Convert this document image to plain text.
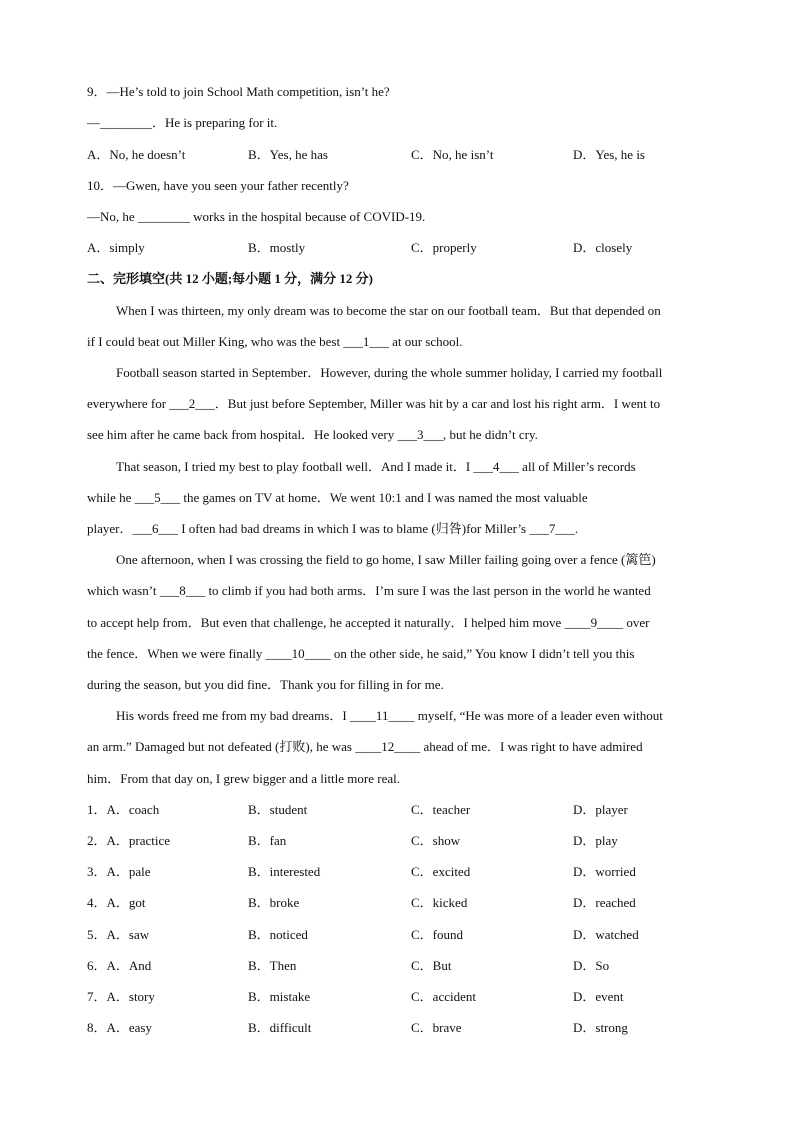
9．—He’s told to join School Math competition, isn’t he?
—________．He is preparing for it.
A．No, he doesn’t	B．Yes, he has	C．No, he isn’t	D．Yes, he is
10．—Gwen, have you seen your father recently?
—No, he ________ works in the hospital because of COVID-19.
A．simply	B．mostly	C．properly	D．closely
二、完形填空(共 12 小题;每小题 1 分，满分 12 分)
When I was thirteen, my only dream was to become the star on our football team．But that depended on
if I could beat out Miller King, who was the best ___1___ at our school.
Football season started in September．However, during the whole summer holiday, I carried my football
everywhere for ___2___．But just before September, Miller was hit by a car and lost his right arm．I went to
see him after he came back from hospital．He looked very ___3___, but he didn’t cry.
That season, I tried my best to play football well．And I made it．I ___4___ all of Miller’s records
while he ___5___ the games on TV at home．We went 10:1 and I was named the most valuable
player．___6___ I often had bad dreams in which I was to blame (归咎)for Miller’s ___7___.
One afternoon, when I was crossing the field to go home, I saw Miller failing going over a fence (篱笆)
which wasn’t ___8___ to climb if you had both arms．I’m sure I was the last person in the world he wanted
to accept help from．But even that challenge, he accepted it naturally．I helped him move ____9____ over
the fence．When we were finally ____10____ on the other side, he said,” You know I didn’t tell you this
during the season, but you did fine．Thank you for filling in for me.
His words freed me from my bad dreams．I ____11____ myself, “He was more of a leader even without
an arm.” Damaged but not defeated (打败), he was ____12____ ahead of me．I was right to have admired
him．From that day on, I grew bigger and a little more real.
1．A．coach	B．student	C．teacher	D．player
2．A．practice	B．fan	C．show	D．play
3．A．pale	B．interested	C．excited	D．worried
4．A．got	B．broke	C．kicked	D．reached
5．A．saw	B．noticed	C．found	D．watched
6．A．And	B．Then	C．But	D．So
7．A．story	B．mistake	C．accident	D．event
8．A．easy	B．difficult	C．brave	D．strong
